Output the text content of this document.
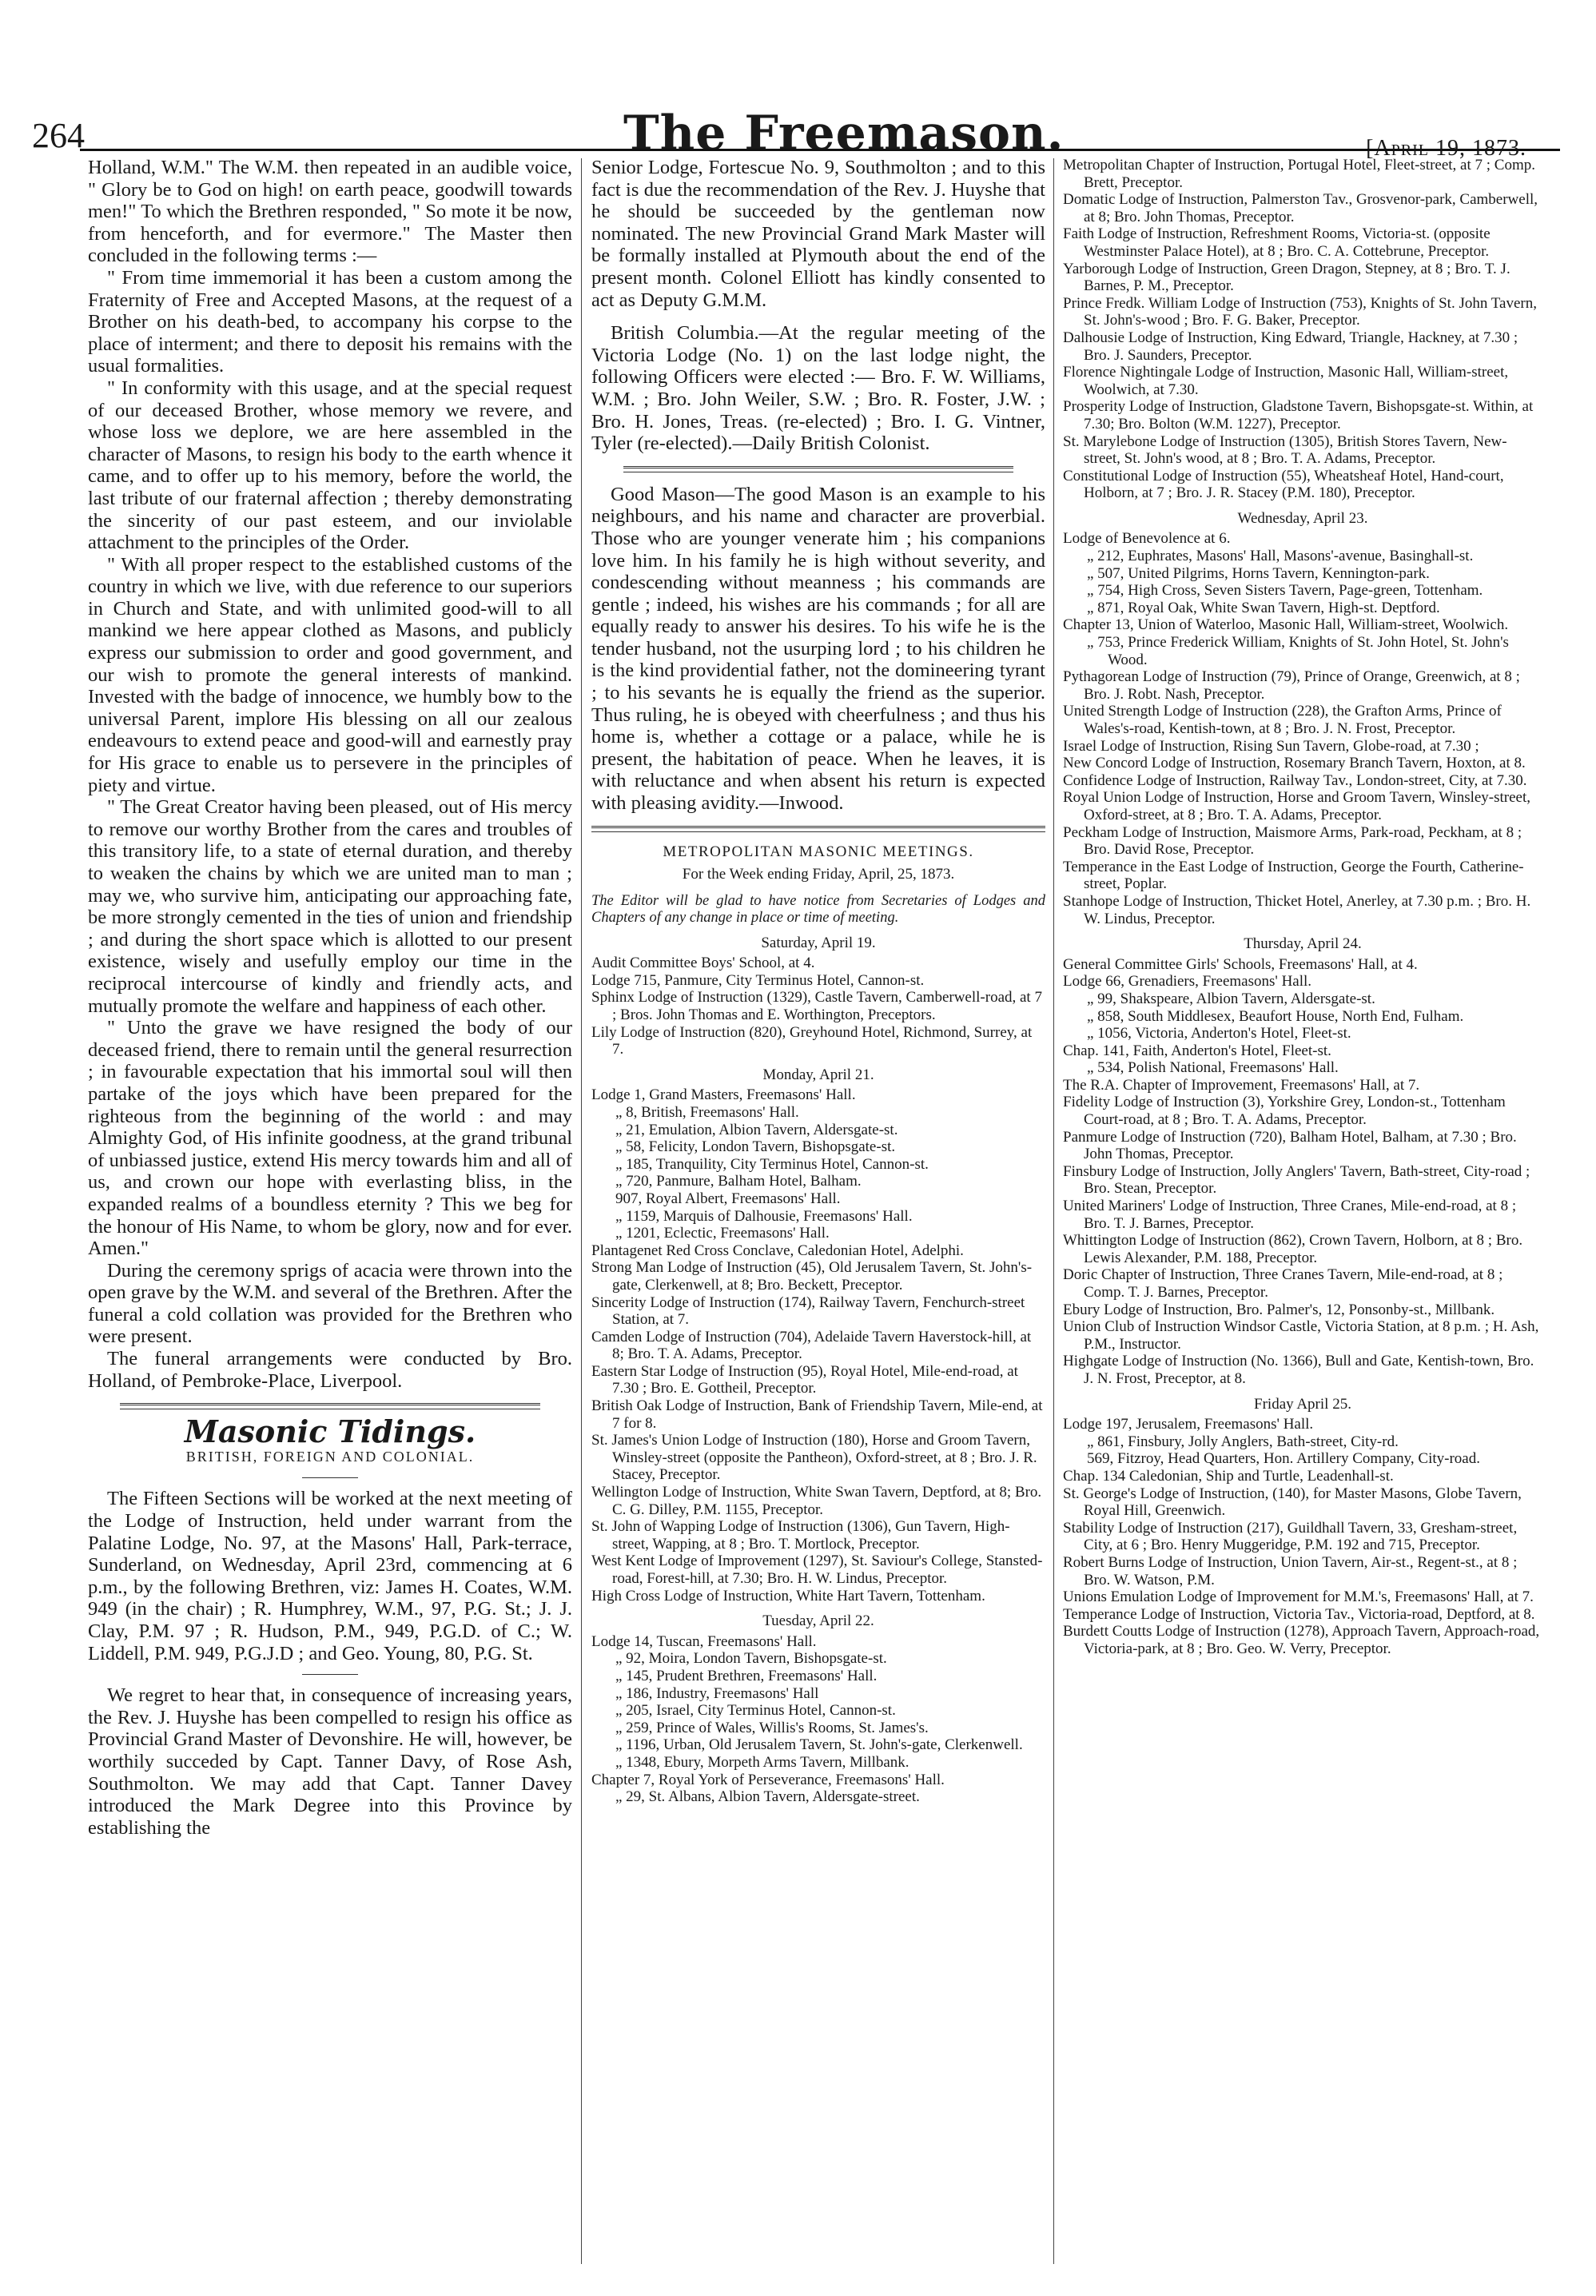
264	The Freemason.	[April 19, 1873.

Holland, W.M." The W.M. then repeated in an audible voice, " Glory be to God on high! on earth peace, goodwill towards men!" To which the Brethren responded, " So mote it be now, from henceforth, and for evermore." The Master then concluded in the following terms :—

" From time immemorial it has been a custom among the Fraternity of Free and Accepted Masons, at the request of a Brother on his death-bed, to accompany his corpse to the place of interment; and there to deposit his remains with the usual formalities.

" In conformity with this usage, and at the special request of our deceased Brother, whose memory we revere, and whose loss we deplore, we are here assembled in the character of Masons, to resign his body to the earth whence it came, and to offer up to his memory, before the world, the last tribute of our fraternal affection ; thereby demonstrating the sincerity of our past esteem, and our inviolable attachment to the principles of the Order.

" With all proper respect to the established customs of the country in which we live, with due reference to our superiors in Church and State, and with unlimited good-will to all mankind we here appear clothed as Masons, and publicly express our submission to order and good government, and our wish to promote the general interests of mankind. Invested with the badge of innocence, we humbly bow to the universal Parent, implore His blessing on all our zealous endeavours to extend peace and good-will and earnestly pray for His grace to enable us to persevere in the principles of piety and virtue.

" The Great Creator having been pleased, out of His mercy to remove our worthy Brother from the cares and troubles of this transitory life, to a state of eternal duration, and thereby to weaken the chains by which we are united man to man ; may we, who survive him, anticipating our approaching fate, be more strongly cemented in the ties of union and friendship ; and during the short space which is allotted to our present existence, wisely and usefully employ our time in the reciprocal intercourse of kindly and friendly acts, and mutually promote the welfare and happiness of each other.

" Unto the grave we have resigned the body of our deceased friend, there to remain until the general resurrection ; in favourable expectation that his immortal soul will then partake of the joys which have been prepared for the righteous from the beginning of the world : and may Almighty God, of His infinite goodness, at the grand tribunal of unbiassed justice, extend His mercy towards him and all of us, and crown our hope with everlasting bliss, in the expanded realms of a boundless eternity ? This we beg for the honour of His Name, to whom be glory, now and for ever. Amen."

During the ceremony sprigs of acacia were thrown into the open grave by the W.M. and several of the Brethren. After the funeral a cold collation was provided for the Brethren who were present.

The funeral arrangements were conducted by Bro. Holland, of Pembroke-Place, Liverpool.

Masonic Tidings.
BRITISH, FOREIGN AND COLONIAL.

The Fifteen Sections will be worked at the next meeting of the Lodge of Instruction, held under warrant from the Palatine Lodge, No. 97, at the Masons' Hall, Park-terrace, Sunderland, on Wednesday, April 23rd, commencing at 6 p.m., by the following Brethren, viz: James H. Coates, W.M. 949 (in the chair) ; R. Humphrey, W.M., 97, P.G. St.; J. J. Clay, P.M. 97 ; R. Hudson, P.M., 949, P.G.D. of C.; W. Liddell, P.M. 949, P.G.J.D ; and Geo. Young, 80, P.G. St.

We regret to hear that, in consequence of increasing years, the Rev. J. Huyshe has been compelled to resign his office as Provincial Grand Master of Devonshire. He will, however, be worthily succeded by Capt. Tanner Davy, of Rose Ash, Southmolton. We may add that Capt. Tanner Davey introduced the Mark Degree into this Province by establishing the

Senior Lodge, Fortescue No. 9, Southmolton ; and to this fact is due the recommendation of the Rev. J. Huyshe that he should be succeeded by the gentleman now nominated. The new Provincial Grand Mark Master will be formally installed at Plymouth about the end of the present month. Colonel Elliott has kindly consented to act as Deputy G.M.M.

British Columbia.—At the regular meeting of the Victoria Lodge (No. 1) on the last lodge night, the following Officers were elected :— Bro. F. W. Williams, W.M. ; Bro. John Weiler, S.W. ; Bro. R. Foster, J.W. ; Bro. H. Jones, Treas. (re-elected) ; Bro. I. G. Vintner, Tyler (re-elected).—Daily British Colonist.

Good Mason—The good Mason is an example to his neighbours, and his name and character are proverbial. Those who are younger venerate him ; his companions love him. In his family he is high without severity, and condescending without meanness ; his commands are gentle ; indeed, his wishes are his commands ; for all are equally ready to answer his desires. To his wife he is the tender husband, not the usurping lord ; to his children he is the kind providential father, not the domineering tyrant ; to his sevants he is equally the friend as the superior. Thus ruling, he is obeyed with cheerfulness ; and thus his home is, whether a cottage or a palace, while he is present, the habitation of peace. When he leaves, it is with reluctance and when absent his return is expected with pleasing avidity.—Inwood.

METROPOLITAN MASONIC MEETINGS.
For the Week ending Friday, April, 25, 1873.

The Editor will be glad to have notice from Secretaries of Lodges and Chapters of any change in place or time of meeting.

Saturday, April 19.

Audit Committee Boys' School, at 4.

Lodge 715, Panmure, City Terminus Hotel, Cannon-st.

Sphinx Lodge of Instruction (1329), Castle Tavern, Camberwell-road, at 7 ; Bros. John Thomas and E. Worthington, Preceptors.

Lily Lodge of Instruction (820), Greyhound Hotel, Richmond, Surrey, at 7.

Monday, April 21.

Lodge 1, Grand Masters, Freemasons' Hall.

„ 8, British, Freemasons' Hall.

„ 21, Emulation, Albion Tavern, Aldersgate-st.

„ 58, Felicity, London Tavern, Bishopsgate-st.

„ 185, Tranquility, City Terminus Hotel, Cannon-st.

„ 720, Panmure, Balham Hotel, Balham.

907, Royal Albert, Freemasons' Hall.

„ 1159, Marquis of Dalhousie, Freemasons' Hall.

„ 1201, Eclectic, Freemasons' Hall.

Plantagenet Red Cross Conclave, Caledonian Hotel, Adelphi.

Strong Man Lodge of Instruction (45), Old Jerusalem Tavern, St. John's-gate, Clerkenwell, at 8; Bro. Beckett, Preceptor.

Sincerity Lodge of Instruction (174), Railway Tavern, Fenchurch-street Station, at 7.

Camden Lodge of Instruction (704), Adelaide Tavern Haverstock-hill, at 8; Bro. T. A. Adams, Preceptor.

Eastern Star Lodge of Instruction (95), Royal Hotel, Mile-end-road, at 7.30 ; Bro. E. Gottheil, Preceptor.

British Oak Lodge of Instruction, Bank of Friendship Tavern, Mile-end, at 7 for 8.

St. James's Union Lodge of Instruction (180), Horse and Groom Tavern, Winsley-street (opposite the Pantheon), Oxford-street, at 8 ; Bro. J. R. Stacey, Preceptor.

Wellington Lodge of Instruction, White Swan Tavern, Deptford, at 8; Bro. C. G. Dilley, P.M. 1155, Preceptor.

St. John of Wapping Lodge of Instruction (1306), Gun Tavern, High-street, Wapping, at 8 ; Bro. T. Mortlock, Preceptor.

West Kent Lodge of Improvement (1297), St. Saviour's College, Stansted-road, Forest-hill, at 7.30; Bro. H. W. Lindus, Preceptor.

High Cross Lodge of Instruction, White Hart Tavern, Tottenham.

Tuesday, April 22.

Lodge 14, Tuscan, Freemasons' Hall.

„ 92, Moira, London Tavern, Bishopsgate-st.

„ 145, Prudent Brethren, Freemasons' Hall.

„ 186, Industry, Freemasons' Hall

„ 205, Israel, City Terminus Hotel, Cannon-st.

„ 259, Prince of Wales, Willis's Rooms, St. James's.

„ 1196, Urban, Old Jerusalem Tavern, St. John's-gate, Clerkenwell.

„ 1348, Ebury, Morpeth Arms Tavern, Millbank.

Chapter 7, Royal York of Perseverance, Freemasons' Hall.

„ 29, St. Albans, Albion Tavern, Aldersgate-street.

Metropolitan Chapter of Instruction, Portugal Hotel, Fleet-street, at 7 ; Comp. Brett, Preceptor.

Domatic Lodge of Instruction, Palmerston Tav., Grosvenor-park, Camberwell, at 8; Bro. John Thomas, Preceptor.

Faith Lodge of Instruction, Refreshment Rooms, Victoria-st. (opposite Westminster Palace Hotel), at 8 ; Bro. C. A. Cottebrune, Preceptor.

Yarborough Lodge of Instruction, Green Dragon, Stepney, at 8 ; Bro. T. J. Barnes, P. M., Preceptor.

Prince Fredk. William Lodge of Instruction (753), Knights of St. John Tavern, St. John's-wood ; Bro. F. G. Baker, Preceptor.

Dalhousie Lodge of Instruction, King Edward, Triangle, Hackney, at 7.30 ; Bro. J. Saunders, Preceptor.

Florence Nightingale Lodge of Instruction, Masonic Hall, William-street, Woolwich, at 7.30.

Prosperity Lodge of Instruction, Gladstone Tavern, Bishopsgate-st. Within, at 7.30; Bro. Bolton (W.M. 1227), Preceptor.

St. Marylebone Lodge of Instruction (1305), British Stores Tavern, New-street, St. John's wood, at 8 ; Bro. T. A. Adams, Preceptor.

Constitutional Lodge of Instruction (55), Wheatsheaf Hotel, Hand-court, Holborn, at 7 ; Bro. J. R. Stacey (P.M. 180), Preceptor.

Wednesday, April 23.

Lodge of Benevolence at 6.

„ 212, Euphrates, Masons' Hall, Masons'-avenue, Basinghall-st.

„ 507, United Pilgrims, Horns Tavern, Kennington-park.

„ 754, High Cross, Seven Sisters Tavern, Page-green, Tottenham.

„ 871, Royal Oak, White Swan Tavern, High-st. Deptford.

Chapter 13, Union of Waterloo, Masonic Hall, William-street, Woolwich.

„ 753, Prince Frederick William, Knights of St. John Hotel, St. John's Wood.

Pythagorean Lodge of Instruction (79), Prince of Orange, Greenwich, at 8 ; Bro. J. Robt. Nash, Preceptor.

United Strength Lodge of Instruction (228), the Grafton Arms, Prince of Wales's-road, Kentish-town, at 8 ; Bro. J. N. Frost, Preceptor.

Israel Lodge of Instruction, Rising Sun Tavern, Globe-road, at 7.30 ;

New Concord Lodge of Instruction, Rosemary Branch Tavern, Hoxton, at 8.

Confidence Lodge of Instruction, Railway Tav., London-street, City, at 7.30.

Royal Union Lodge of Instruction, Horse and Groom Tavern, Winsley-street, Oxford-street, at 8 ; Bro. T. A. Adams, Preceptor.

Peckham Lodge of Instruction, Maismore Arms, Park-road, Peckham, at 8 ; Bro. David Rose, Preceptor.

Temperance in the East Lodge of Instruction, George the Fourth, Catherine-street, Poplar.

Stanhope Lodge of Instruction, Thicket Hotel, Anerley, at 7.30 p.m. ; Bro. H. W. Lindus, Preceptor.

Thursday, April 24.

General Committee Girls' Schools, Freemasons' Hall, at 4.

Lodge 66, Grenadiers, Freemasons' Hall.

„ 99, Shakspeare, Albion Tavern, Aldersgate-st.

„ 858, South Middlesex, Beaufort House, North End, Fulham.

„ 1056, Victoria, Anderton's Hotel, Fleet-st.

Chap. 141, Faith, Anderton's Hotel, Fleet-st.

„ 534, Polish National, Freemasons' Hall.

The R.A. Chapter of Improvement, Freemasons' Hall, at 7.

Fidelity Lodge of Instruction (3), Yorkshire Grey, London-st., Tottenham Court-road, at 8 ; Bro. T. A. Adams, Preceptor.

Panmure Lodge of Instruction (720), Balham Hotel, Balham, at 7.30 ; Bro. John Thomas, Preceptor.

Finsbury Lodge of Instruction, Jolly Anglers' Tavern, Bath-street, City-road ; Bro. Stean, Preceptor.

United Mariners' Lodge of Instruction, Three Cranes, Mile-end-road, at 8 ; Bro. T. J. Barnes, Preceptor.

Whittington Lodge of Instruction (862), Crown Tavern, Holborn, at 8 ; Bro. Lewis Alexander, P.M. 188, Preceptor.

Doric Chapter of Instruction, Three Cranes Tavern, Mile-end-road, at 8 ; Comp. T. J. Barnes, Preceptor.

Ebury Lodge of Instruction, Bro. Palmer's, 12, Ponsonby-st., Millbank.

Union Club of Instruction Windsor Castle, Victoria Station, at 8 p.m. ; H. Ash, P.M., Instructor.

Highgate Lodge of Instruction (No. 1366), Bull and Gate, Kentish-town, Bro. J. N. Frost, Preceptor, at 8.

Friday April 25.

Lodge 197, Jerusalem, Freemasons' Hall.

„ 861, Finsbury, Jolly Anglers, Bath-street, City-rd.

569, Fitzroy, Head Quarters, Hon. Artillery Company, City-road.

Chap. 134 Caledonian, Ship and Turtle, Leadenhall-st.

St. George's Lodge of Instruction, (140), for Master Masons, Globe Tavern, Royal Hill, Greenwich.

Stability Lodge of Instruction (217), Guildhall Tavern, 33, Gresham-street, City, at 6 ; Bro. Henry Muggeridge, P.M. 192 and 715, Preceptor.

Robert Burns Lodge of Instruction, Union Tavern, Air-st., Regent-st., at 8 ; Bro. W. Watson, P.M.

Unions Emulation Lodge of Improvement for M.M.'s, Freemasons' Hall, at 7.

Temperance Lodge of Instruction, Victoria Tav., Victoria-road, Deptford, at 8.

Burdett Coutts Lodge of Instruction (1278), Approach Tavern, Approach-road, Victoria-park, at 8 ; Bro. Geo. W. Verry, Preceptor.
